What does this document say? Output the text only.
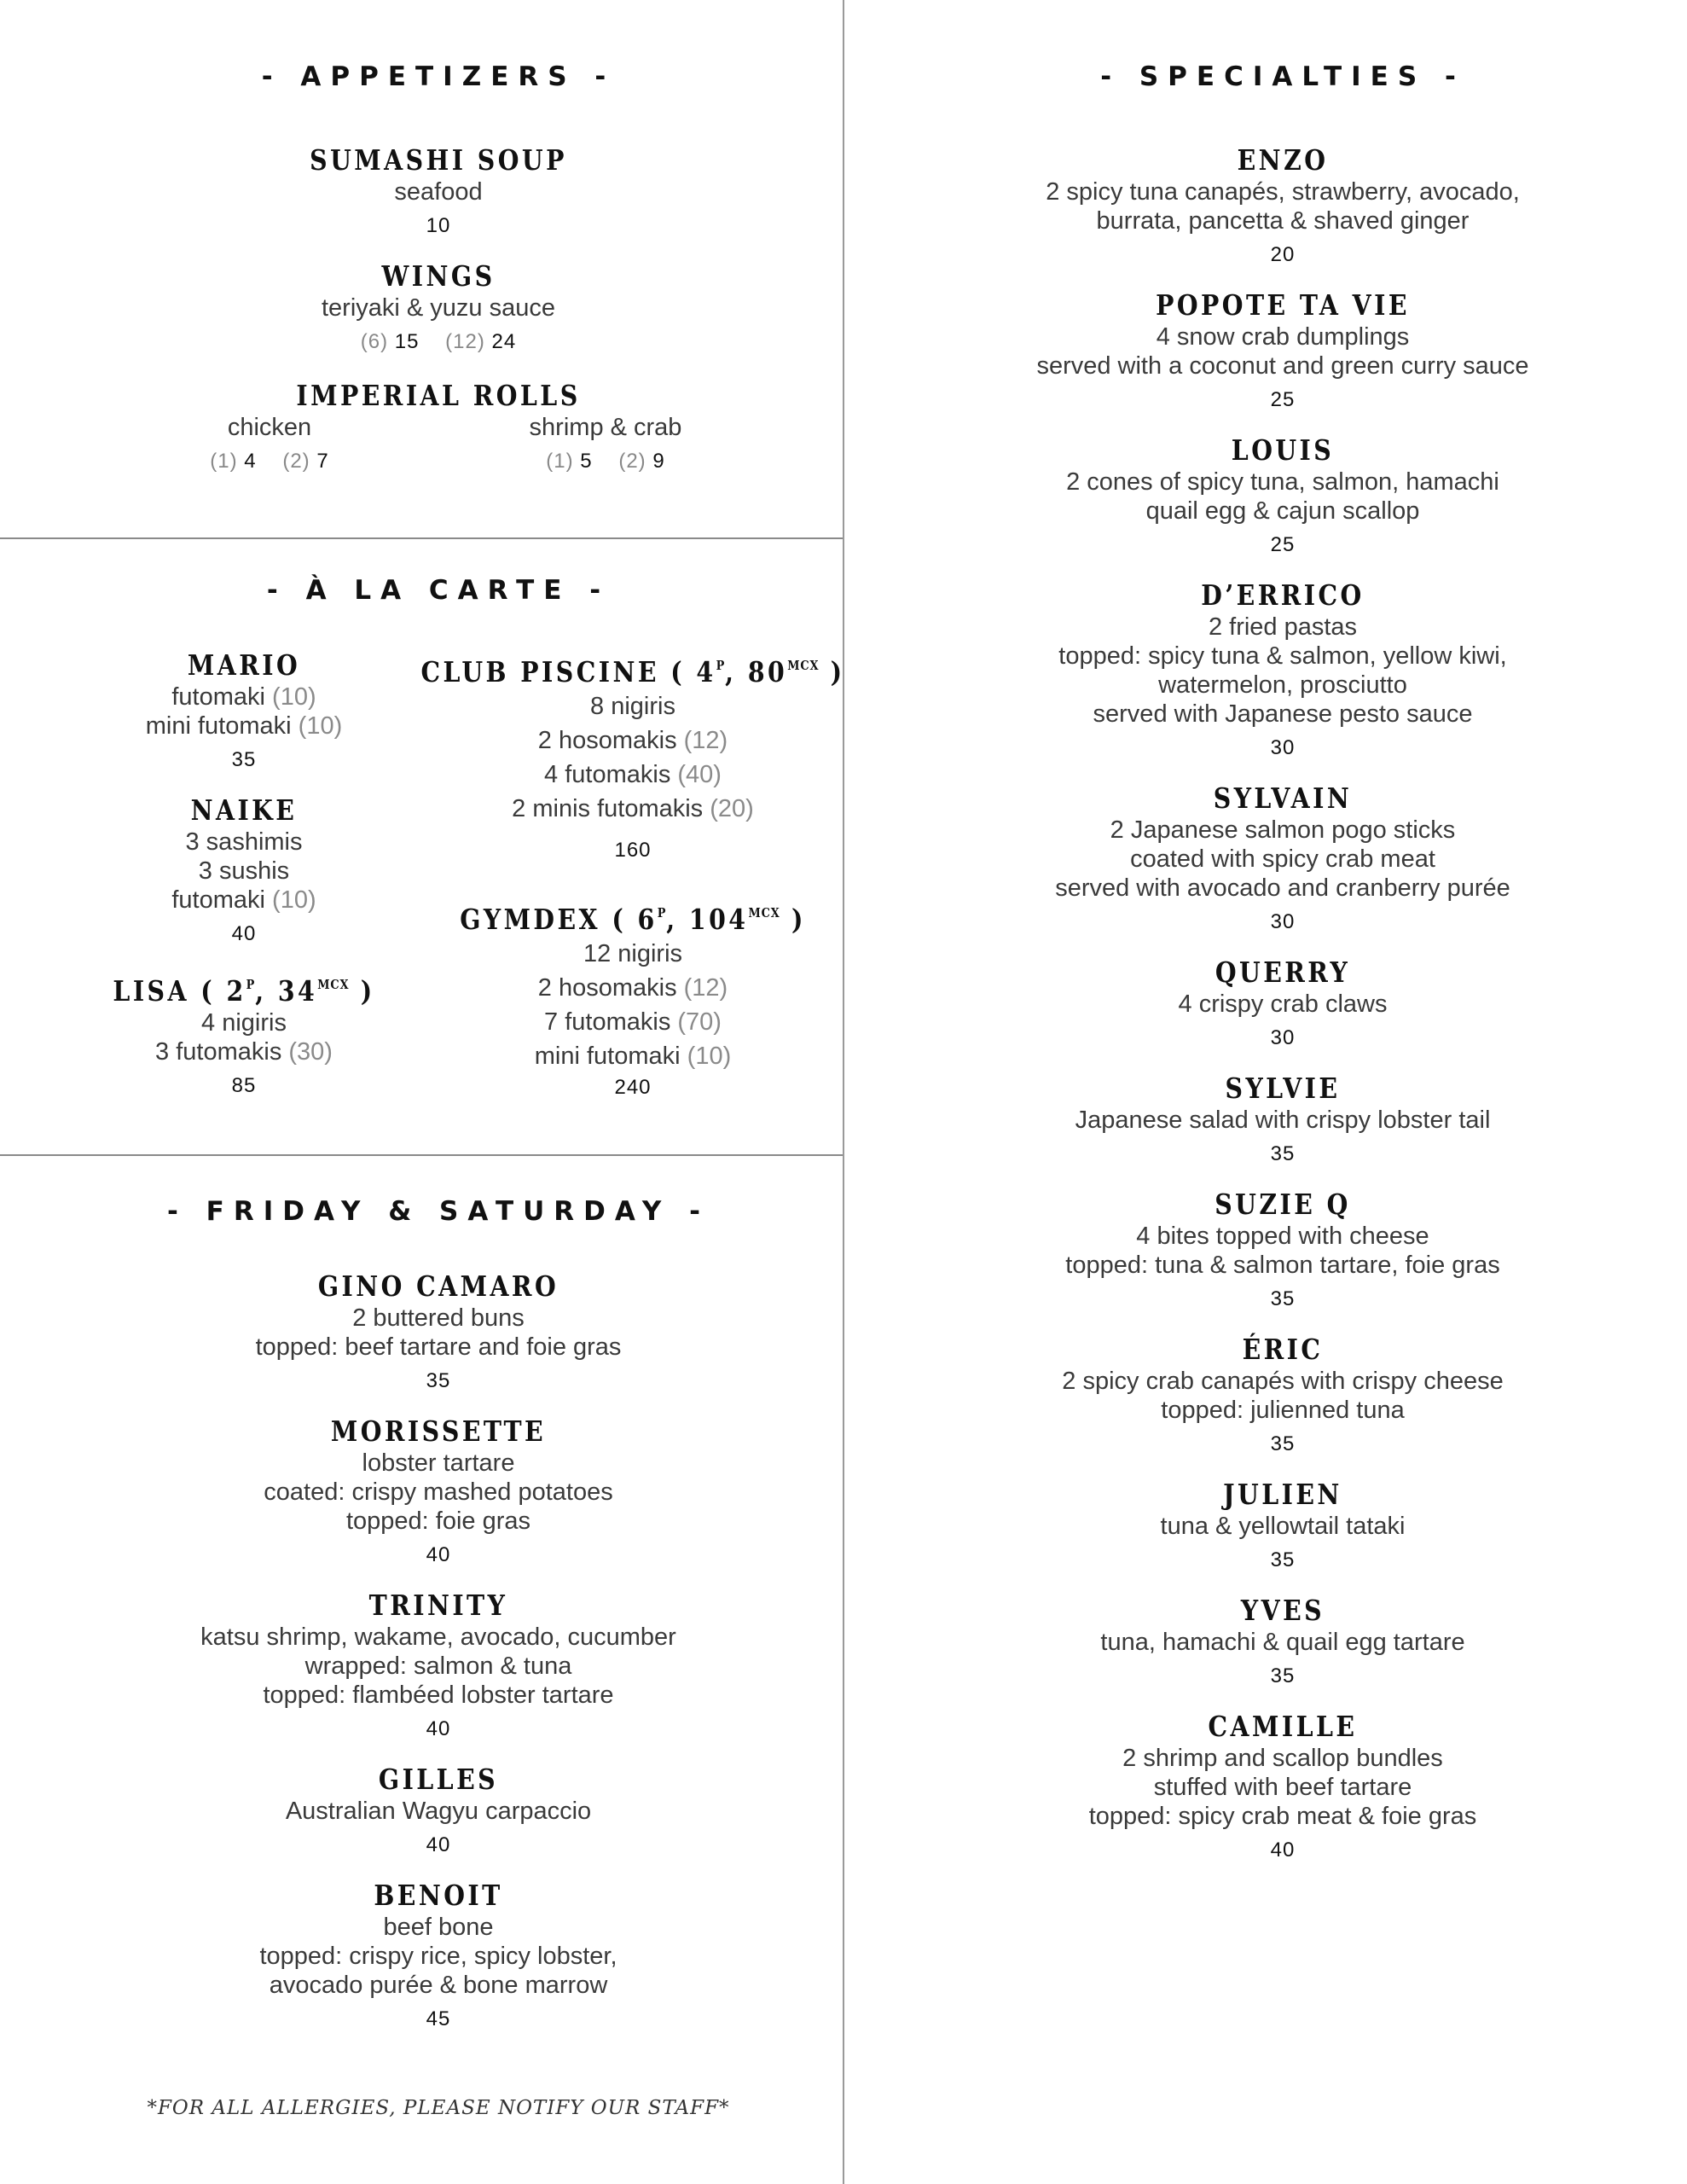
- APPETIZERS -
SUMASHI SOUP
seafood
10
WINGS
teriyaki & yuzu sauce
(6) 15 (12) 24
IMPERIAL ROLLS
chicken
(1) 4 (2) 7
shrimp & crab
(1) 5 (2) 9
- À LA CARTE -
MARIO
futomaki (10)
mini futomaki (10)
35
NAIKE
3 sashimis
3 sushis
futomaki (10)
40
LISA ( $2^P$, $34^{MCX}$ )
4 nigiris
3 futomakis (30)
85
CLUB PISCINE ( $4^P$, $80^{MCX}$ )
8 nigiris
2 hosomakis (12)
4 futomakis (40)
2 minis futomakis (20)
160
GYMDEX ( $6^P$, $104^{MCX}$ )
12 nigiris
2 hosomakis (12)
7 futomakis (70)
mini futomaki (10)
240
- FRIDAY & SATURDAY -
GINO CAMARO
2 buttered buns
topped: beef tartare and foie gras
35
MORISSETTE
lobster tartare
coated: crispy mashed potatoes
topped: foie gras
40
TRINITY
katsu shrimp, wakame, avocado, cucumber
wrapped: salmon & tuna
topped: flambéed lobster tartare
40
GILLES
Australian Wagyu carpaccio
40
BENOIT
beef bone
topped: crispy rice, spicy lobster,
avocado purée & bone marrow
45
*FOR ALL ALLERGIES, PLEASE NOTIFY OUR STAFF*
- SPECIALTIES -
ENZO
2 spicy tuna canapés, strawberry, avocado,
burrata, pancetta & shaved ginger
20
POPOTE TA VIE
4 snow crab dumplings
served with a coconut and green curry sauce
25
LOUIS
2 cones of spicy tuna, salmon, hamachi
quail egg & cajun scallop
25
D’ERRICO
2 fried pastas
topped: spicy tuna & salmon, yellow kiwi,
watermelon, prosciutto
served with Japanese pesto sauce
30
SYLVAIN
2 Japanese salmon pogo sticks
coated with spicy crab meat
served with avocado and cranberry purée
30
QUERRY
4 crispy crab claws
30
SYLVIE
Japanese salad with crispy lobster tail
35
SUZIE Q
4 bites topped with cheese
topped: tuna & salmon tartare, foie gras
35
ÉRIC
2 spicy crab canapés with crispy cheese
topped: julienned tuna
35
JULIEN
tuna & yellowtail tataki
35
YVES
tuna, hamachi & quail egg tartare
35
CAMILLE
2 shrimp and scallop bundles
stuffed with beef tartare
topped: spicy crab meat & foie gras
40
